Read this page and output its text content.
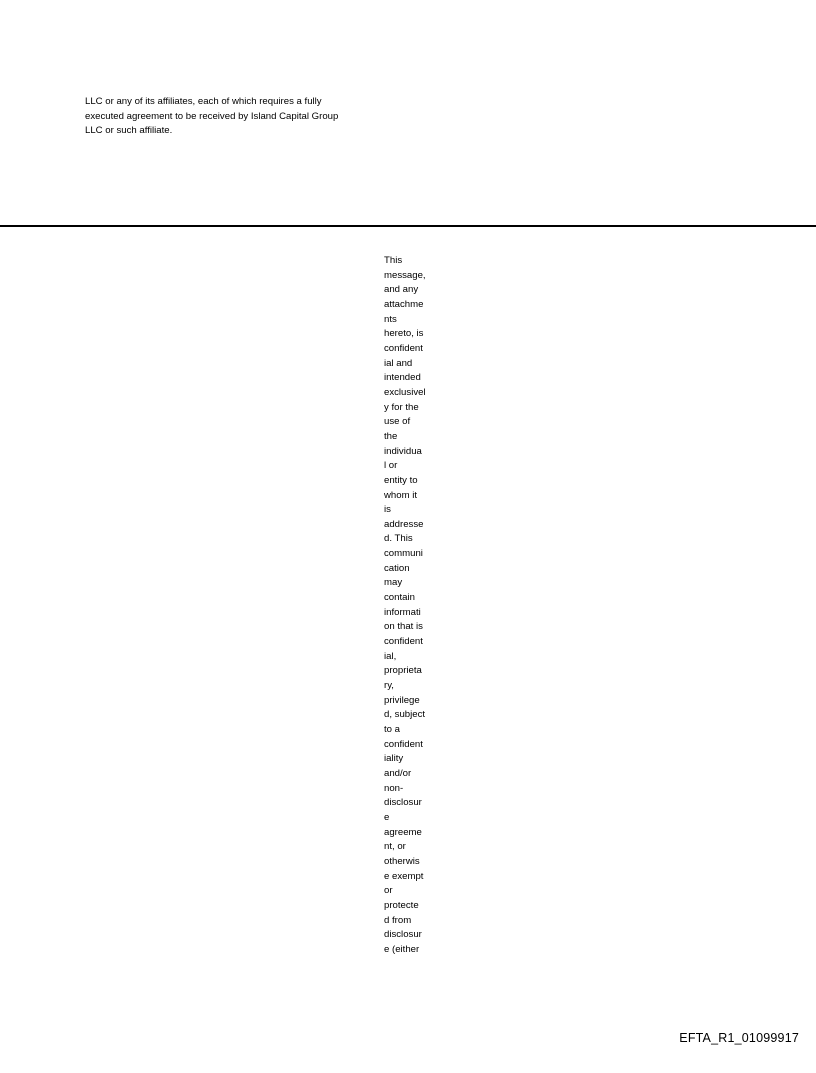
LLC or any of its affiliates, each of which requires a fully
executed agreement to be received by Island Capital Group
LLC or such affiliate.
This
message,
and any
attachme
nts
hereto, is
confident
ial and
intended
exclusivel
y for the
use of
the
individua
l or
entity to
whom it
is
addresse
d. This
communi
cation
may
contain
informati
on that is
confident
ial,
proprieta
ry,
privilege
d, subject
to a
confident
iality
and/or
non-
disclosur
e
agreeme
nt, or
otherwis
e exempt
or
protecte
d from
disclosur
e (either
EFTA_R1_01099917
